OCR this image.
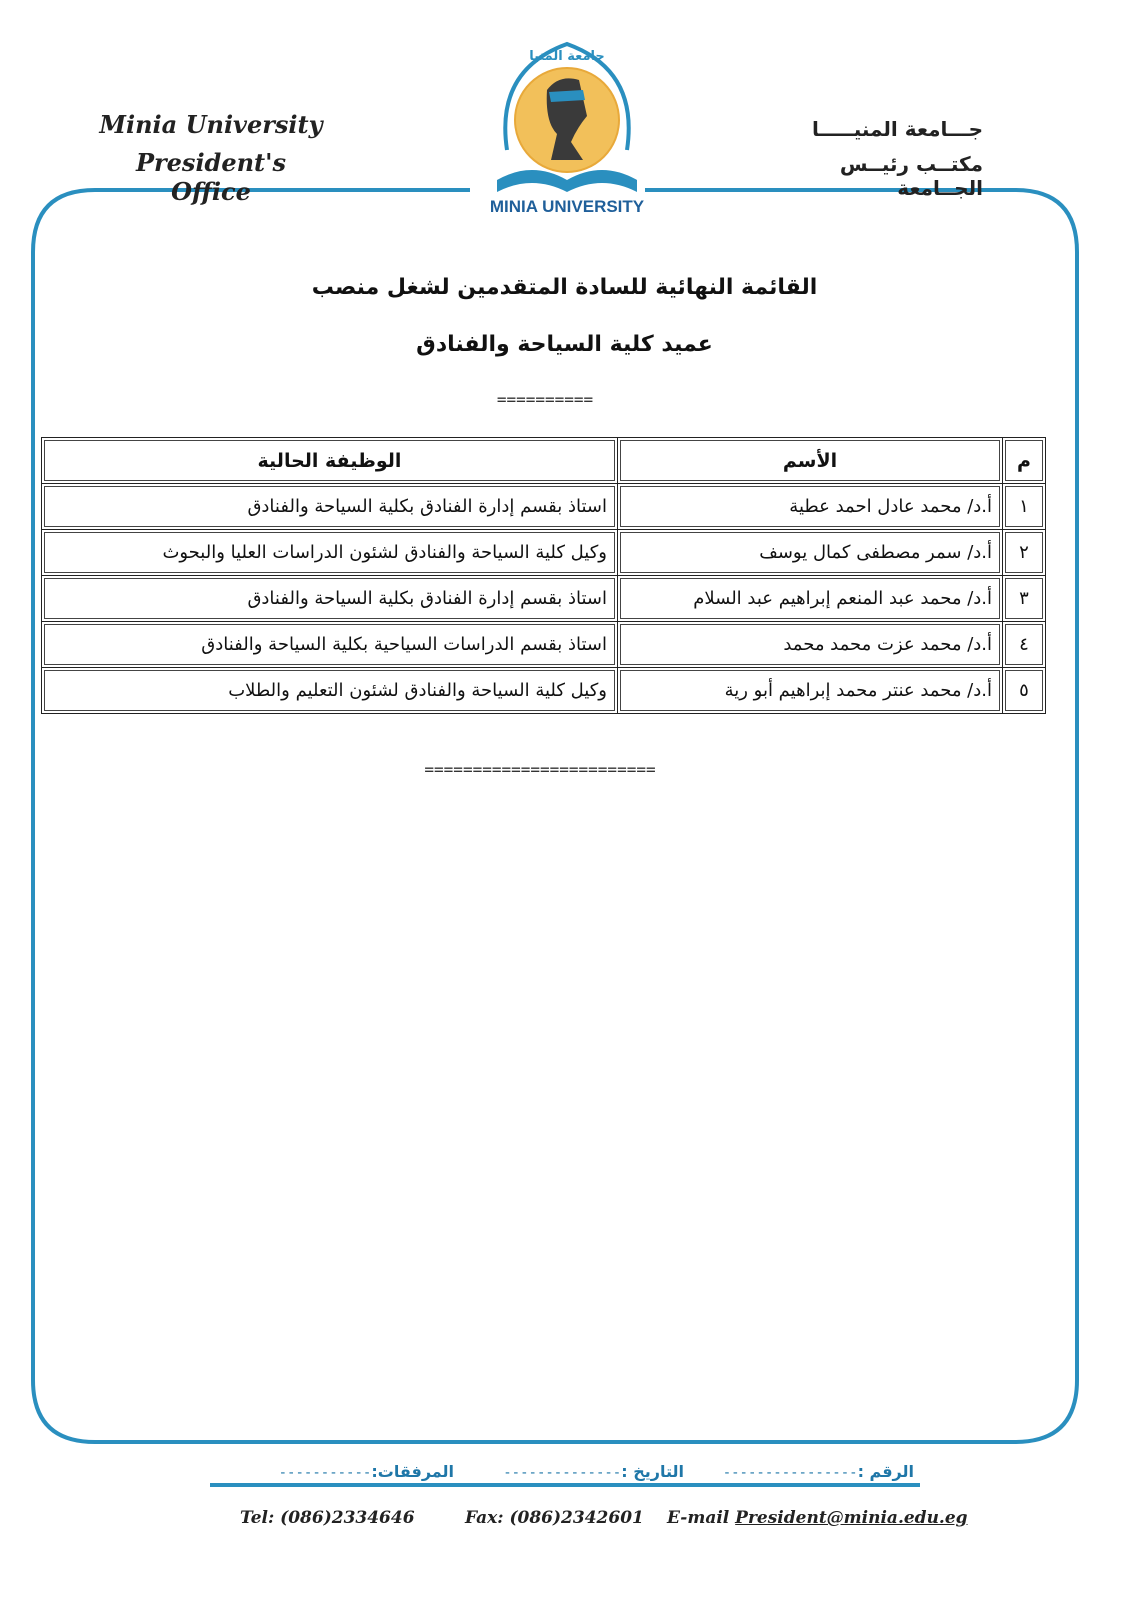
Minia University
President's Office
جـــامعة المنيـــــا
مكتــب رئيــس الجــامعة
جامعة المنيا
MINIA UNIVERSITY
القائمة النهائية للسادة المتقدمين لشغل منصب
عميد كلية السياحة والفنادق
==========
م	الأسم	الوظيفة الحالية
١	أ.د/ محمد عادل احمد عطية	استاذ بقسم إدارة الفنادق بكلية السياحة والفنادق
٢	أ.د/ سمر مصطفى كمال يوسف	وكيل كلية السياحة والفنادق لشئون الدراسات العليا والبحوث
٣	أ.د/ محمد عبد المنعم إبراهيم عبد السلام	استاذ بقسم إدارة الفنادق بكلية السياحة والفنادق
٤	أ.د/ محمد عزت محمد محمد	استاذ بقسم الدراسات السياحية بكلية السياحة والفنادق
٥	أ.د/ محمد عنتر محمد إبراهيم أبو رية	وكيل كلية السياحة والفنادق لشئون التعليم والطلاب
========================
الرقم :----------------
التاريخ :--------------
المرفقات:-----------
Tel: (086)2334646	Fax: (086)2342601 E-mail President@minia.edu.eg
